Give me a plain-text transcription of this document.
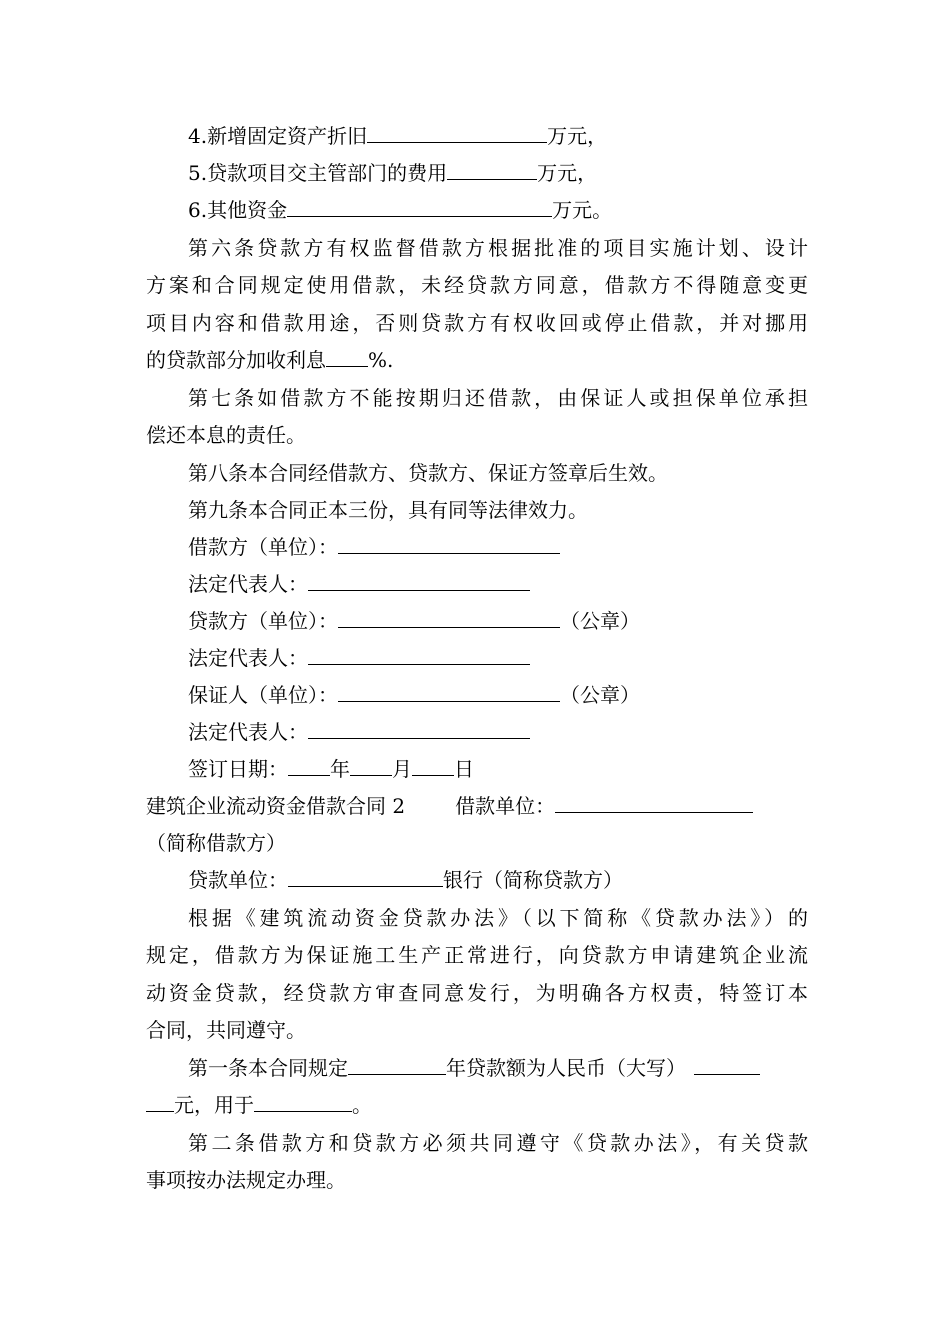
4.新增固定资产折旧	万元，
5.贷款项目交主管部门的费用	万元，
6.其他资金	万元。
第六条贷款方有权监督借款方根据批准的项目实施计划、设计
方案和合同规定使用借款，未经贷款方同意，借款方不得随意变更
项目内容和借款用途，否则贷款方有权收回或停止借款，并对挪用
的贷款部分加收利息 %.
第七条如借款方不能按期归还借款，由保证人或担保单位承担
偿还本息的责任。
第八条本合同经借款方、贷款方、保证方签章后生效。
第九条本合同正本三份，具有同等法律效力。
借款方（单位）：
法定代表人：
贷款方（单位）：	（公章）
法定代表人：
保证人（单位）：	（公章）
法定代表人：
签订日期： 年 月 日
建筑企业流动资金借款合同 2	借款单位：
（简称借款方）
贷款单位：	银行（简称贷款方）
根据《建筑流动资金贷款办法》（以下简称《贷款办法》）的
规定，借款方为保证施工生产正常进行，向贷款方申请建筑企业流
动资金贷款，经贷款方审查同意发行，为明确各方权责，特签订本
合同，共同遵守。
第一条本合同规定	年贷款额为人民币（大写）
元，用于	。
第二条借款方和贷款方必须共同遵守《贷款办法》，有关贷款
事项按办法规定办理。
